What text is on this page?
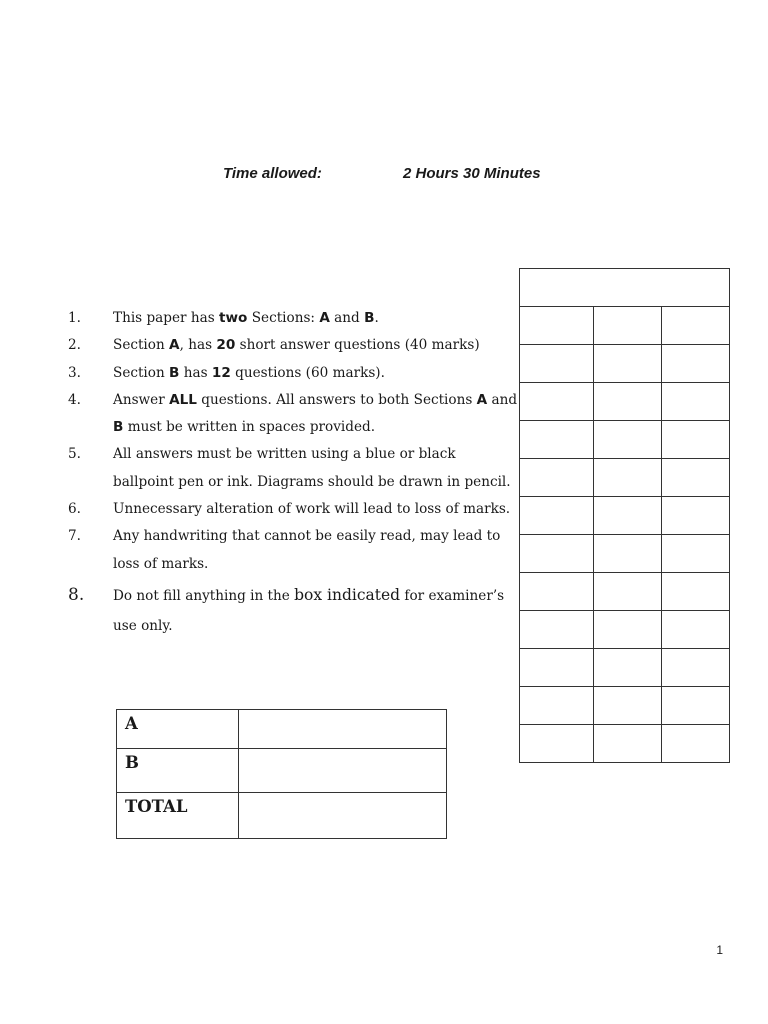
Time allowed:	2 Hours 30 Minutes
1. This paper has two Sections: A and B.
2. Section A, has 20 short answer questions (40 marks)
3. Section B has 12 questions (60 marks).
4. Answer ALL questions. All answers to both Sections A and B must be written in spaces provided.
5. All answers must be written using a blue or black ballpoint pen or ink. Diagrams should be drawn in pencil.
6. Unnecessary alteration of work will lead to loss of marks.
7. Any handwriting that cannot be easily read, may lead to loss of marks.
8. Do not fill anything in the box indicated for examiner’s use only.
A	
B	
TOTAL	

1
